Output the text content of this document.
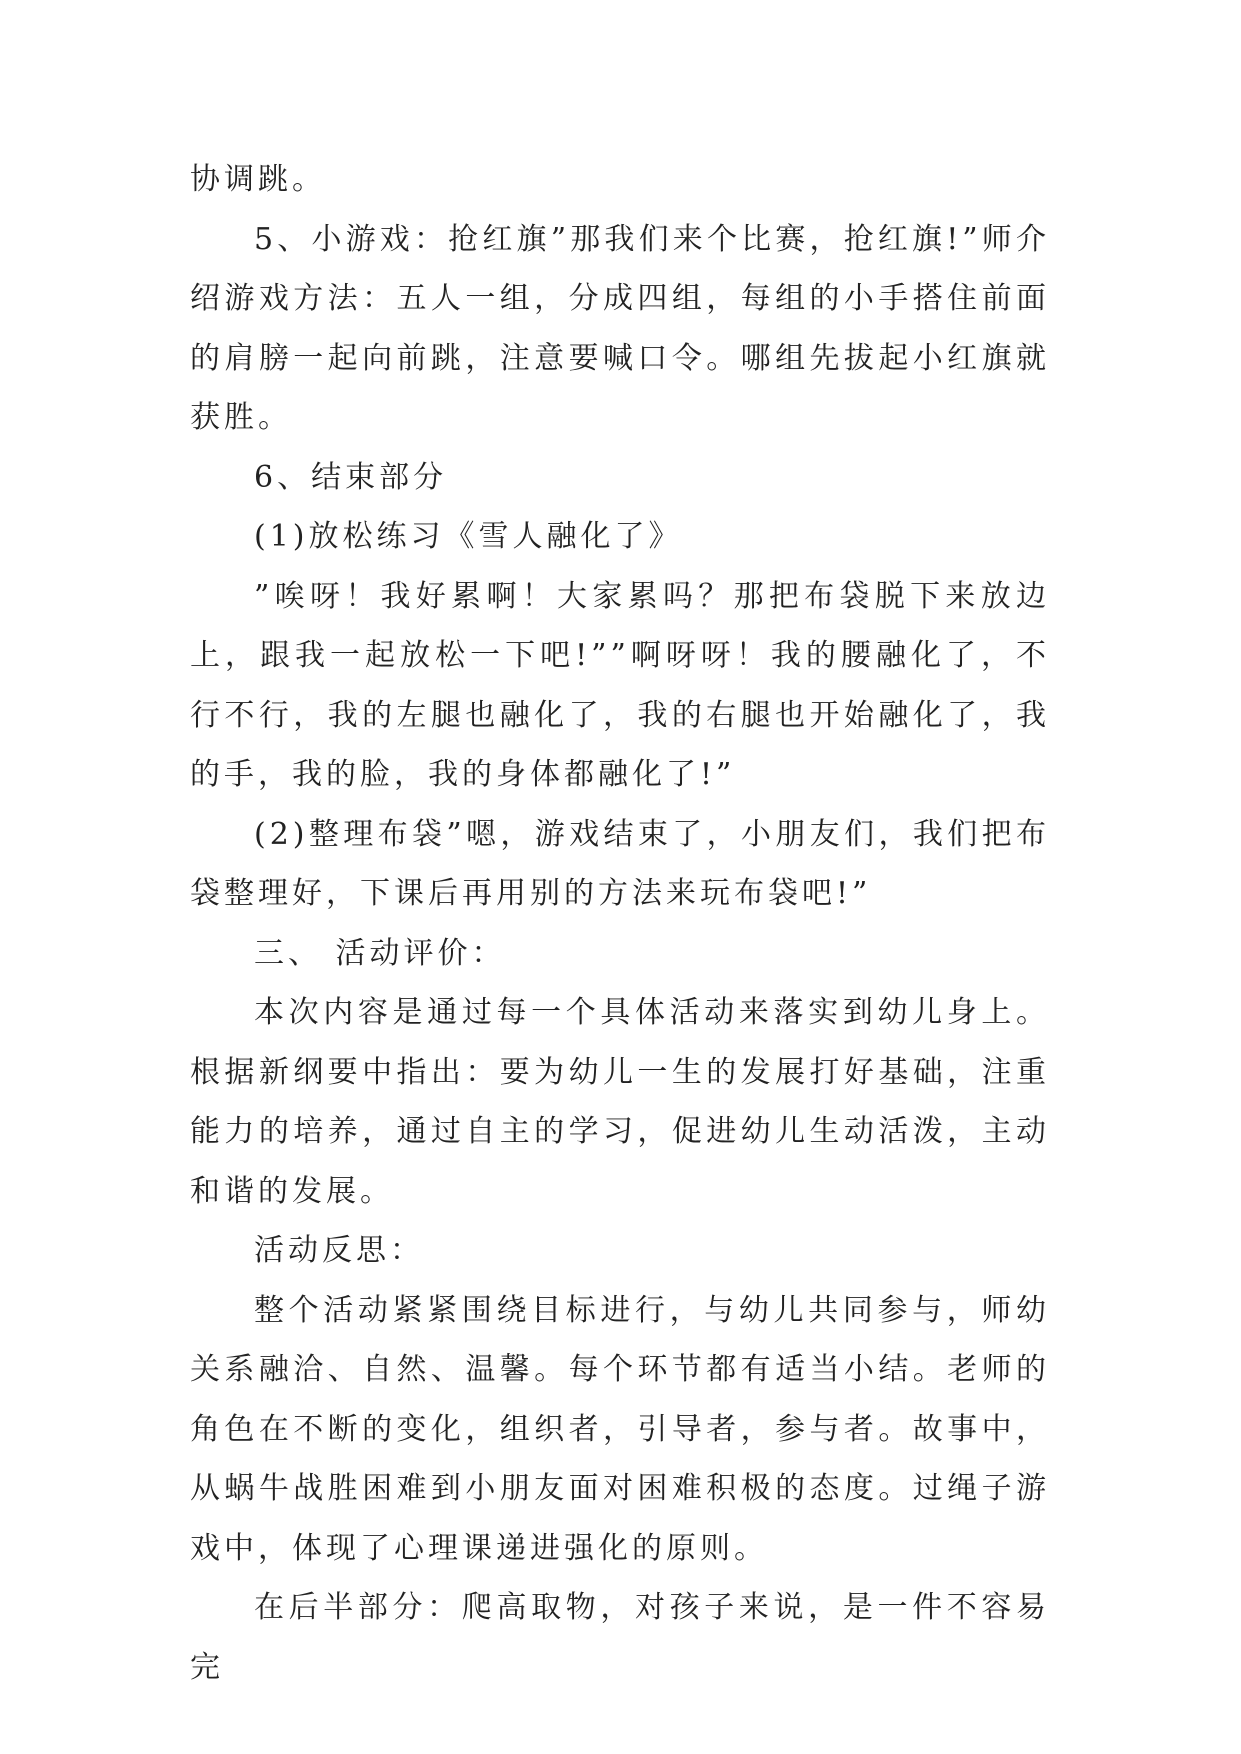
协调跳。

5、小游戏：抢红旗”那我们来个比赛，抢红旗!”师介绍游戏方法：五人一组，分成四组，每组的小手搭住前面的肩膀一起向前跳，注意要喊口令。哪组先拔起小红旗就获胜。

6、结束部分

(1)放松练习《雪人融化了》

”唉呀！我好累啊！大家累吗？那把布袋脱下来放边上，跟我一起放松一下吧!””啊呀呀！我的腰融化了，不行不行，我的左腿也融化了，我的右腿也开始融化了，我的手，我的脸，我的身体都融化了!”

(2)整理布袋”嗯，游戏结束了，小朋友们，我们把布袋整理好，下课后再用别的方法来玩布袋吧!”

三、 活动评价：

本次内容是通过每一个具体活动来落实到幼儿身上。根据新纲要中指出：要为幼儿一生的发展打好基础，注重能力的培养，通过自主的学习，促进幼儿生动活泼，主动和谐的发展。

活动反思：

整个活动紧紧围绕目标进行，与幼儿共同参与，师幼关系融洽、自然、温馨。每个环节都有适当小结。老师的角色在不断的变化，组织者，引导者，参与者。故事中，从蜗牛战胜困难到小朋友面对困难积极的态度。过绳子游戏中，体现了心理课递进强化的原则。

在后半部分：爬高取物，对孩子来说，是一件不容易完
